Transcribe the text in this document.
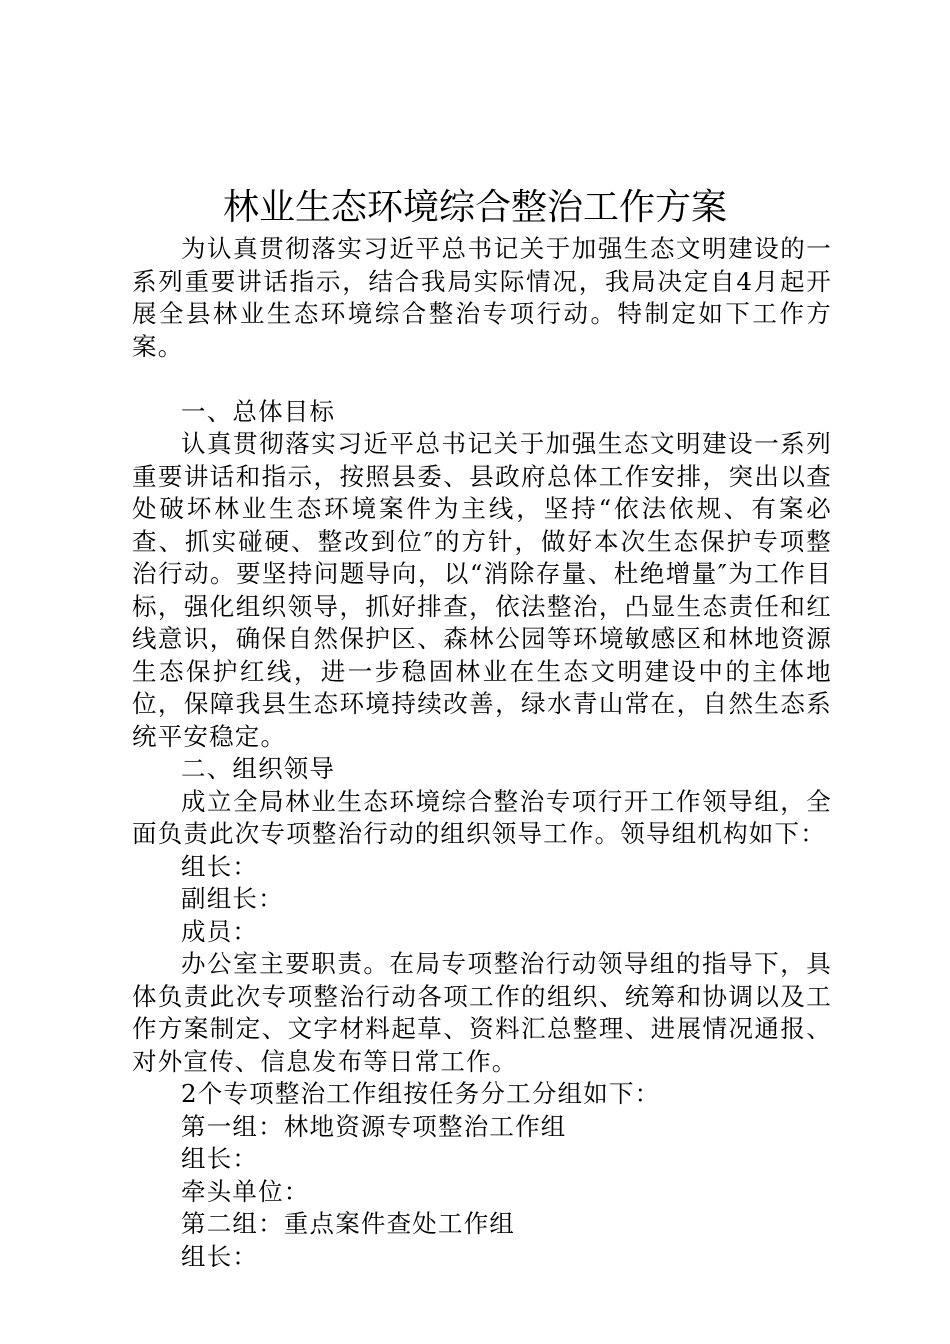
林业生态环境综合整治工作方案

为认真贯彻落实习近平总书记关于加强生态文明建设的一系列重要讲话指示，结合我局实际情况，我局决定自4月起开展全县林业生态环境综合整治专项行动。特制定如下工作方案。

一、总体目标

认真贯彻落实习近平总书记关于加强生态文明建设一系列重要讲话和指示，按照县委、县政府总体工作安排，突出以查处破坏林业生态环境案件为主线，坚持“依法依规、有案必查、抓实碰硬、整改到位″的方针，做好本次生态保护专项整治行动。要坚持问题导向，以“消除存量、杜绝增量″为工作目标，强化组织领导，抓好排查，依法整治，凸显生态责任和红线意识，确保自然保护区、森林公园等环境敏感区和林地资源生态保护红线，进一步稳固林业在生态文明建设中的主体地位，保障我县生态环境持续改善，绿水青山常在，自然生态系统平安稳定。

二、组织领导

成立全局林业生态环境综合整治专项行开工作领导组，全面负责此次专项整治行动的组织领导工作。领导组机构如下：

组长：

副组长：

成员：

办公室主要职责。在局专项整治行动领导组的指导下，具体负责此次专项整治行动各项工作的组织、统筹和协调以及工作方案制定、文字材料起草、资料汇总整理、进展情况通报、对外宣传、信息发布等日常工作。

2个专项整治工作组按任务分工分组如下：

第一组：林地资源专项整治工作组

组长：

牵头单位：

第二组：重点案件查处工作组

组长：
